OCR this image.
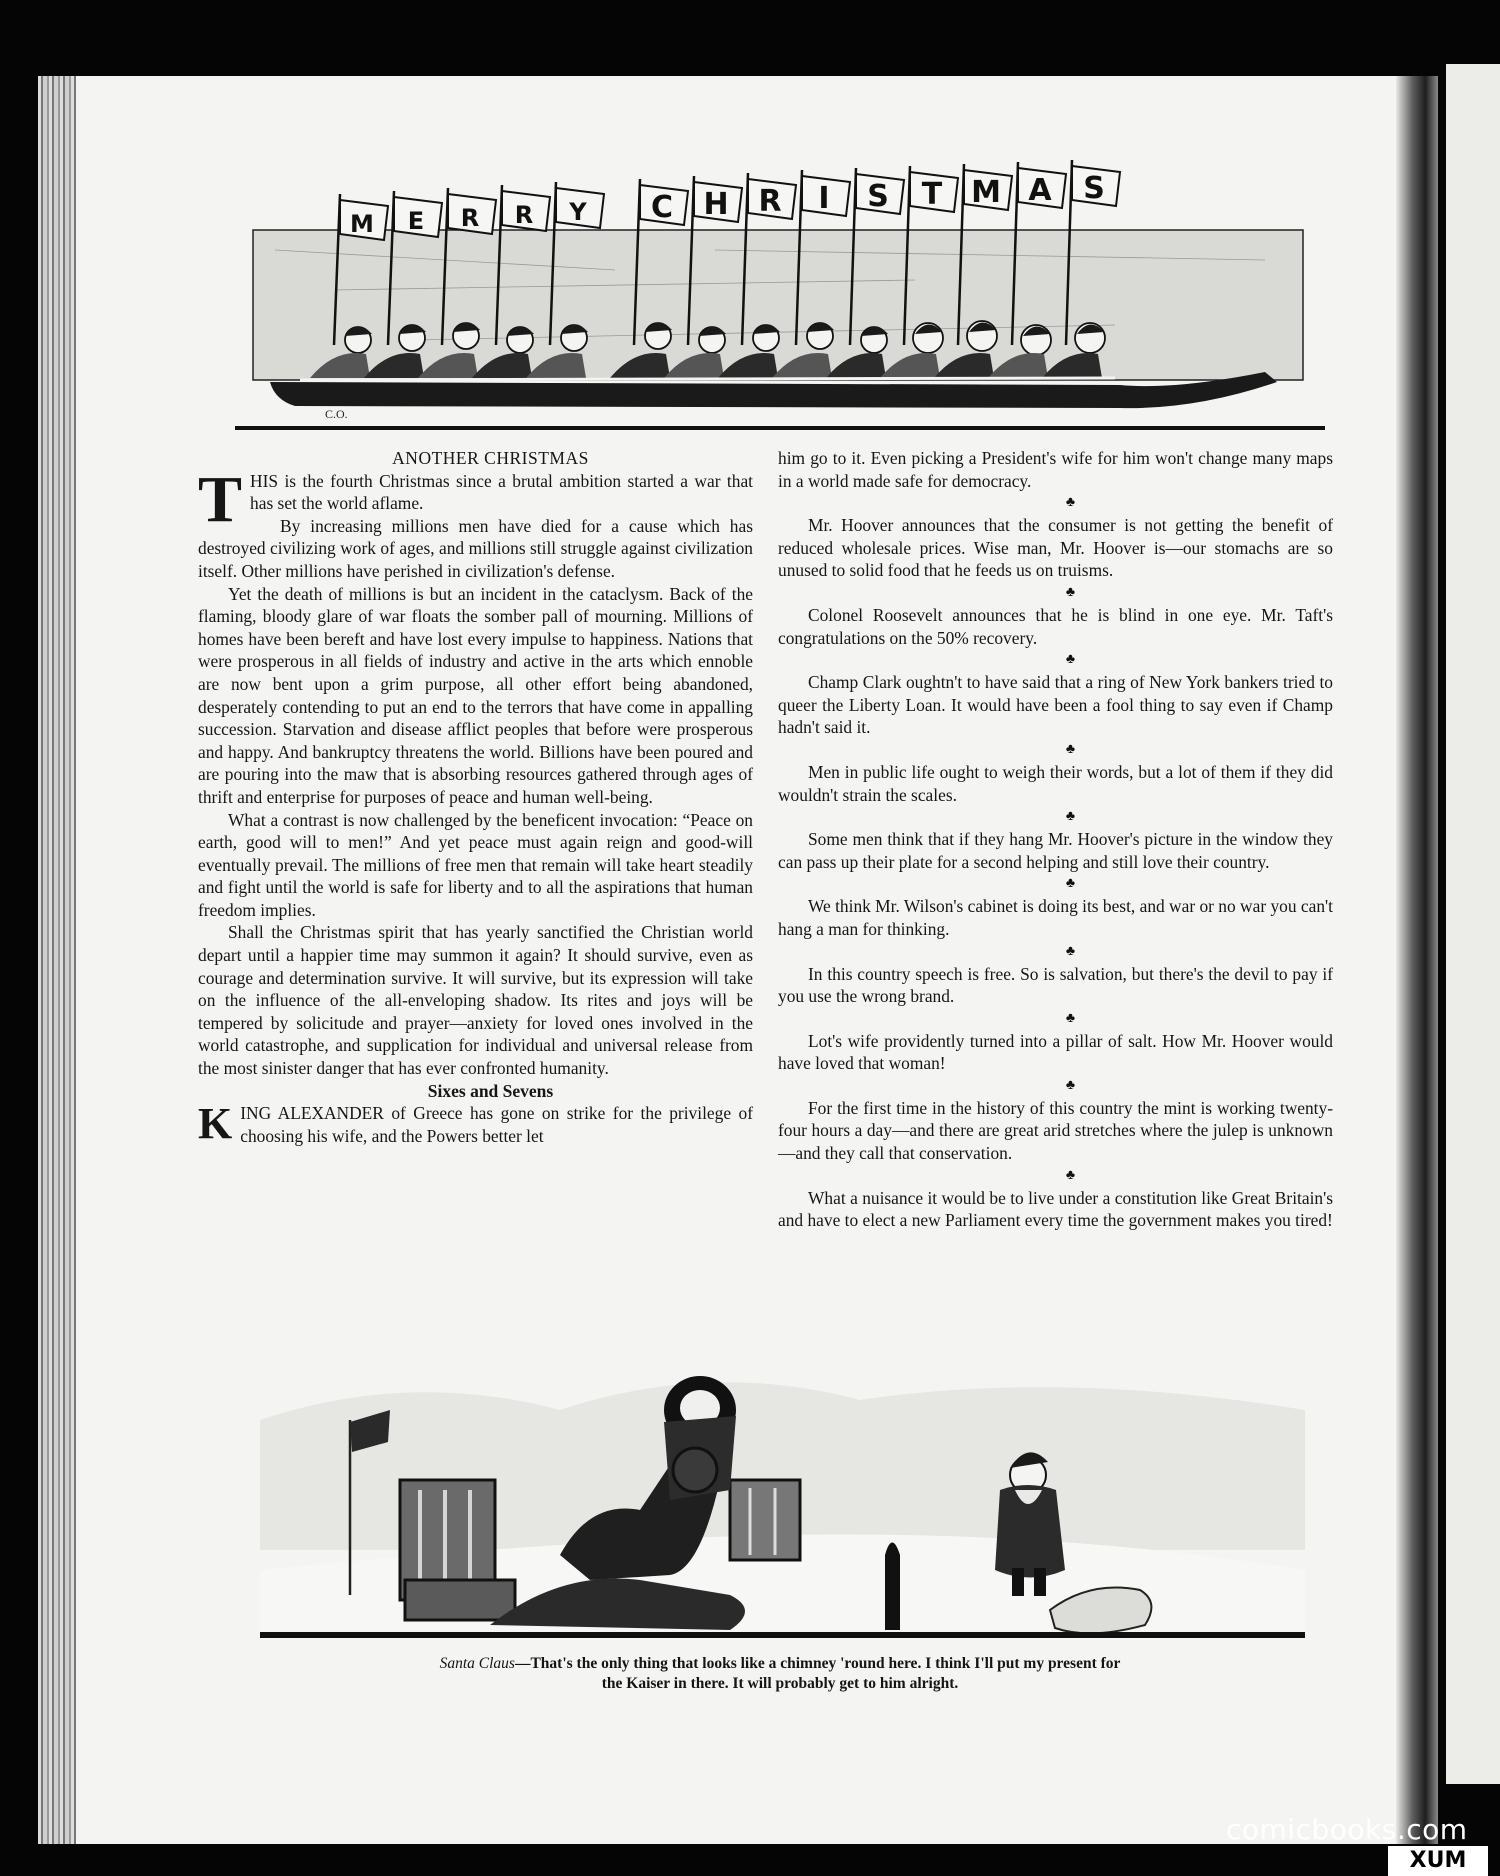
M E R R Y C H R I S T M A S
C.O.

ANOTHER CHRISTMAS

THIS is the fourth Christmas since a brutal ambition started a war that has set the world aflame.

By increasing millions men have died for a cause which has destroyed civilizing work of ages, and millions still struggle against civilization itself. Other millions have perished in civilization's defense.

Yet the death of millions is but an incident in the cataclysm. Back of the flaming, bloody glare of war floats the somber pall of mourning. Millions of homes have been bereft and have lost every impulse to happiness. Nations that were prosperous in all fields of industry and active in the arts which ennoble are now bent upon a grim purpose, all other effort being abandoned, desperately contending to put an end to the terrors that have come in appalling succession. Starvation and disease afflict peoples that before were prosperous and happy. And bankruptcy threatens the world. Billions have been poured and are pouring into the maw that is absorbing resources gathered through ages of thrift and enterprise for purposes of peace and human well-being.

What a contrast is now challenged by the beneficent invocation: “Peace on earth, good will to men!” And yet peace must again reign and good-will eventually prevail. The millions of free men that remain will take heart steadily and fight until the world is safe for liberty and to all the aspirations that human freedom implies.

Shall the Christmas spirit that has yearly sanctified the Christian world depart until a happier time may summon it again? It should survive, even as courage and determination survive. It will survive, but its expression will take on the influence of the all-enveloping shadow. Its rites and joys will be tempered by solicitude and prayer—anxiety for loved ones involved in the world catastrophe, and supplication for individual and universal release from the most sinister danger that has ever confronted humanity.

Sixes and Sevens

KING ALEXANDER of Greece has gone on strike for the privilege of choosing his wife, and the Powers better let

him go to it. Even picking a President's wife for him won't change many maps in a world made safe for democracy.

♣

Mr. Hoover announces that the consumer is not getting the benefit of reduced wholesale prices. Wise man, Mr. Hoover is—our stomachs are so unused to solid food that he feeds us on truisms.

♣

Colonel Roosevelt announces that he is blind in one eye. Mr. Taft's congratulations on the 50% recovery.

♣

Champ Clark oughtn't to have said that a ring of New York bankers tried to queer the Liberty Loan. It would have been a fool thing to say even if Champ hadn't said it.

♣

Men in public life ought to weigh their words, but a lot of them if they did wouldn't strain the scales.

♣

Some men think that if they hang Mr. Hoover's picture in the window they can pass up their plate for a second helping and still love their country.

♣

We think Mr. Wilson's cabinet is doing its best, and war or no war you can't hang a man for thinking.

♣

In this country speech is free. So is salvation, but there's the devil to pay if you use the wrong brand.

♣

Lot's wife providently turned into a pillar of salt. How Mr. Hoover would have loved that woman!

♣

For the first time in the history of this country the mint is working twenty-four hours a day—and there are great arid stretches where the julep is unknown—and they call that conservation.

♣

What a nuisance it would be to live under a constitution like Great Britain's and have to elect a new Parliament every time the government makes you tired!

Santa Claus—That's the only thing that looks like a chimney 'round here. I think I'll put my present for
the Kaiser in there. It will probably get to him alright.
comicbooks.com
XUM
